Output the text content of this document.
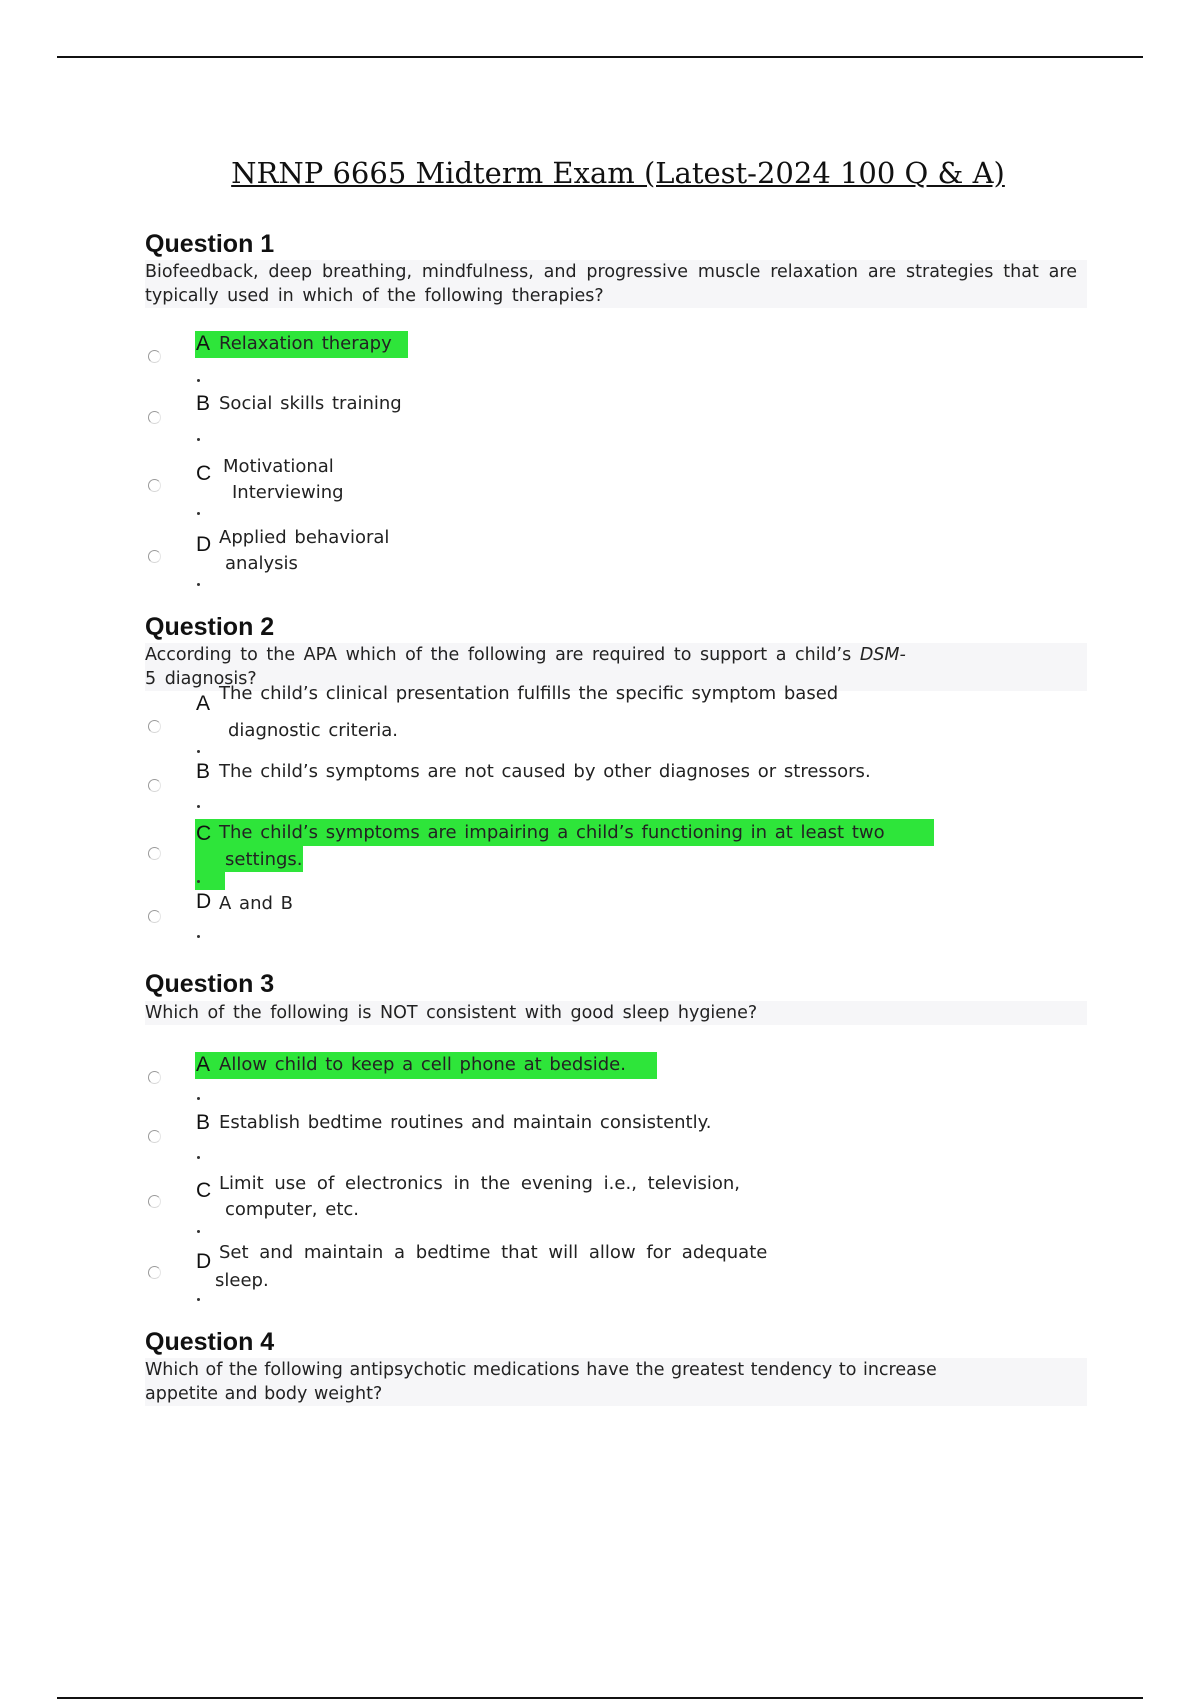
NRNP 6665 Midterm Exam (Latest-2024 100 Q & A)
Question 1
Biofeedback, deep breathing, mindfulness, and progressive muscle relaxation are strategies that are typically used in which of the following therapies?
A Relaxation therapy
B Social skills training
C Motivational
Interviewing
D Applied behavioral
analysis
Question 2
According to the APA which of the following are required to support a child’s DSM-
5 diagnosis?
A The child’s clinical presentation fulfills the specific symptom based
diagnostic criteria.
B The child’s symptoms are not caused by other diagnoses or stressors.
C The child’s symptoms are impairing a child’s functioning in at least two
settings.
D A and B
Question 3
Which of the following is NOT consistent with good sleep hygiene?
A Allow child to keep a cell phone at bedside.
B Establish bedtime routines and maintain consistently.
C Limit use of electronics in the evening i.e., television,
computer, etc.
D Set and maintain a bedtime that will allow for adequate
sleep.
Question 4
Which of the following antipsychotic medications have the greatest tendency to increase
appetite and body weight?
